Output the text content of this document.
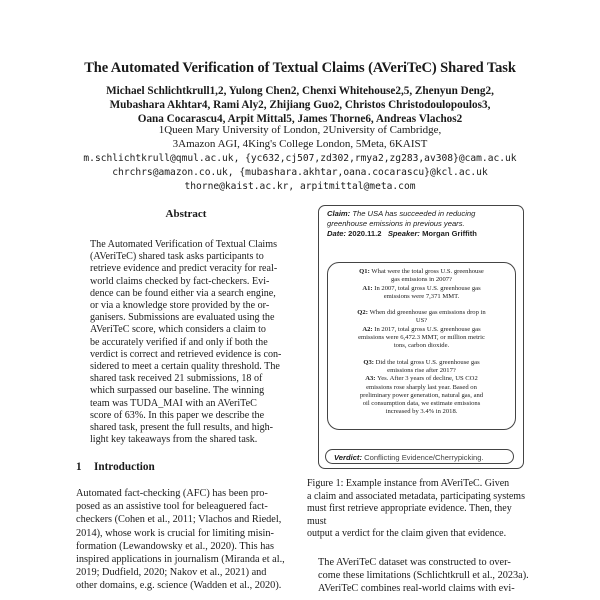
The Automated Verification of Textual Claims (AVeriTeC) Shared Task
Michael Schlichtkrull1,2, Yulong Chen2, Chenxi Whitehouse2,5, Zhenyun Deng2,
Mubashara Akhtar4, Rami Aly2, Zhijiang Guo2, Christos Christodoulopoulos3,
Oana Cocarascu4, Arpit Mittal5, James Thorne6, Andreas Vlachos2
1Queen Mary University of London, 2University of Cambridge,
3Amazon AGI, 4King's College London, 5Meta, 6KAIST
m.schlichtkrull@qmul.ac.uk, {yc632,cj507,zd302,rmya2,zg283,av308}@cam.ac.uk
chrchrs@amazon.co.uk, {mubashara.akhtar,oana.cocarascu}@kcl.ac.uk
thorne@kaist.ac.kr, arpitmittal@meta.com
Abstract
The Automated Verification of Textual Claims
(AVeriTeC) shared task asks participants to
retrieve evidence and predict veracity for real-
world claims checked by fact-checkers. Evi-
dence can be found either via a search engine,
or via a knowledge store provided by the or-
ganisers. Submissions are evaluated using the
AVeriTeC score, which considers a claim to
be accurately verified if and only if both the
verdict is correct and retrieved evidence is con-
sidered to meet a certain quality threshold. The
shared task received 21 submissions, 18 of
which surpassed our baseline. The winning
team was TUDA_MAI with an AVeriTeC
score of 63%. In this paper we describe the
shared task, present the full results, and high-
light key takeaways from the shared task.
1 Introduction
Automated fact-checking (AFC) has been pro-
posed as an assistive tool for beleaguered fact-
checkers (Cohen et al., 2011; Vlachos and Riedel,
2014), whose work is crucial for limiting misin-
formation (Lewandowsky et al., 2020). This has
inspired applications in journalism (Miranda et al.,
2019; Dudfield, 2020; Nakov et al., 2021) and
other domains, e.g. science (Wadden et al., 2020).
Claim: The USA has succeeded in reducing
greenhouse emissions in previous years.
Date: 2020.11.2 Speaker: Morgan Griffith
Q1: What were the total gross U.S. greenhouse
gas emissions in 2007?
A1: In 2007, total gross U.S. greenhouse gas
emissions were 7,371 MMT.
Q2: When did greenhouse gas emissions drop in
US?
A2: In 2017, total gross U.S. greenhouse gas
emissions were 6,472.3 MMT, or million metric
tons, carbon dioxide.
Q3: Did the total gross U.S. greenhouse gas
emissions rise after 2017?
A3: Yes. After 3 years of decline, US CO2
emissions rose sharply last year. Based on
preliminary power generation, natural gas, and
oil consumption data, we estimate emissions
increased by 3.4% in 2018.
Verdict: Conflicting Evidence/Cherrypicking.
Figure 1: Example instance from AVeriTeC. Given
a claim and associated metadata, participating systems
must first retrieve appropriate evidence. Then, they must
output a verdict for the claim given that evidence.
The AVeriTeC dataset was constructed to over-
come these limitations (Schlichtkrull et al., 2023a).
AVeriTeC combines real-world claims with evi-
